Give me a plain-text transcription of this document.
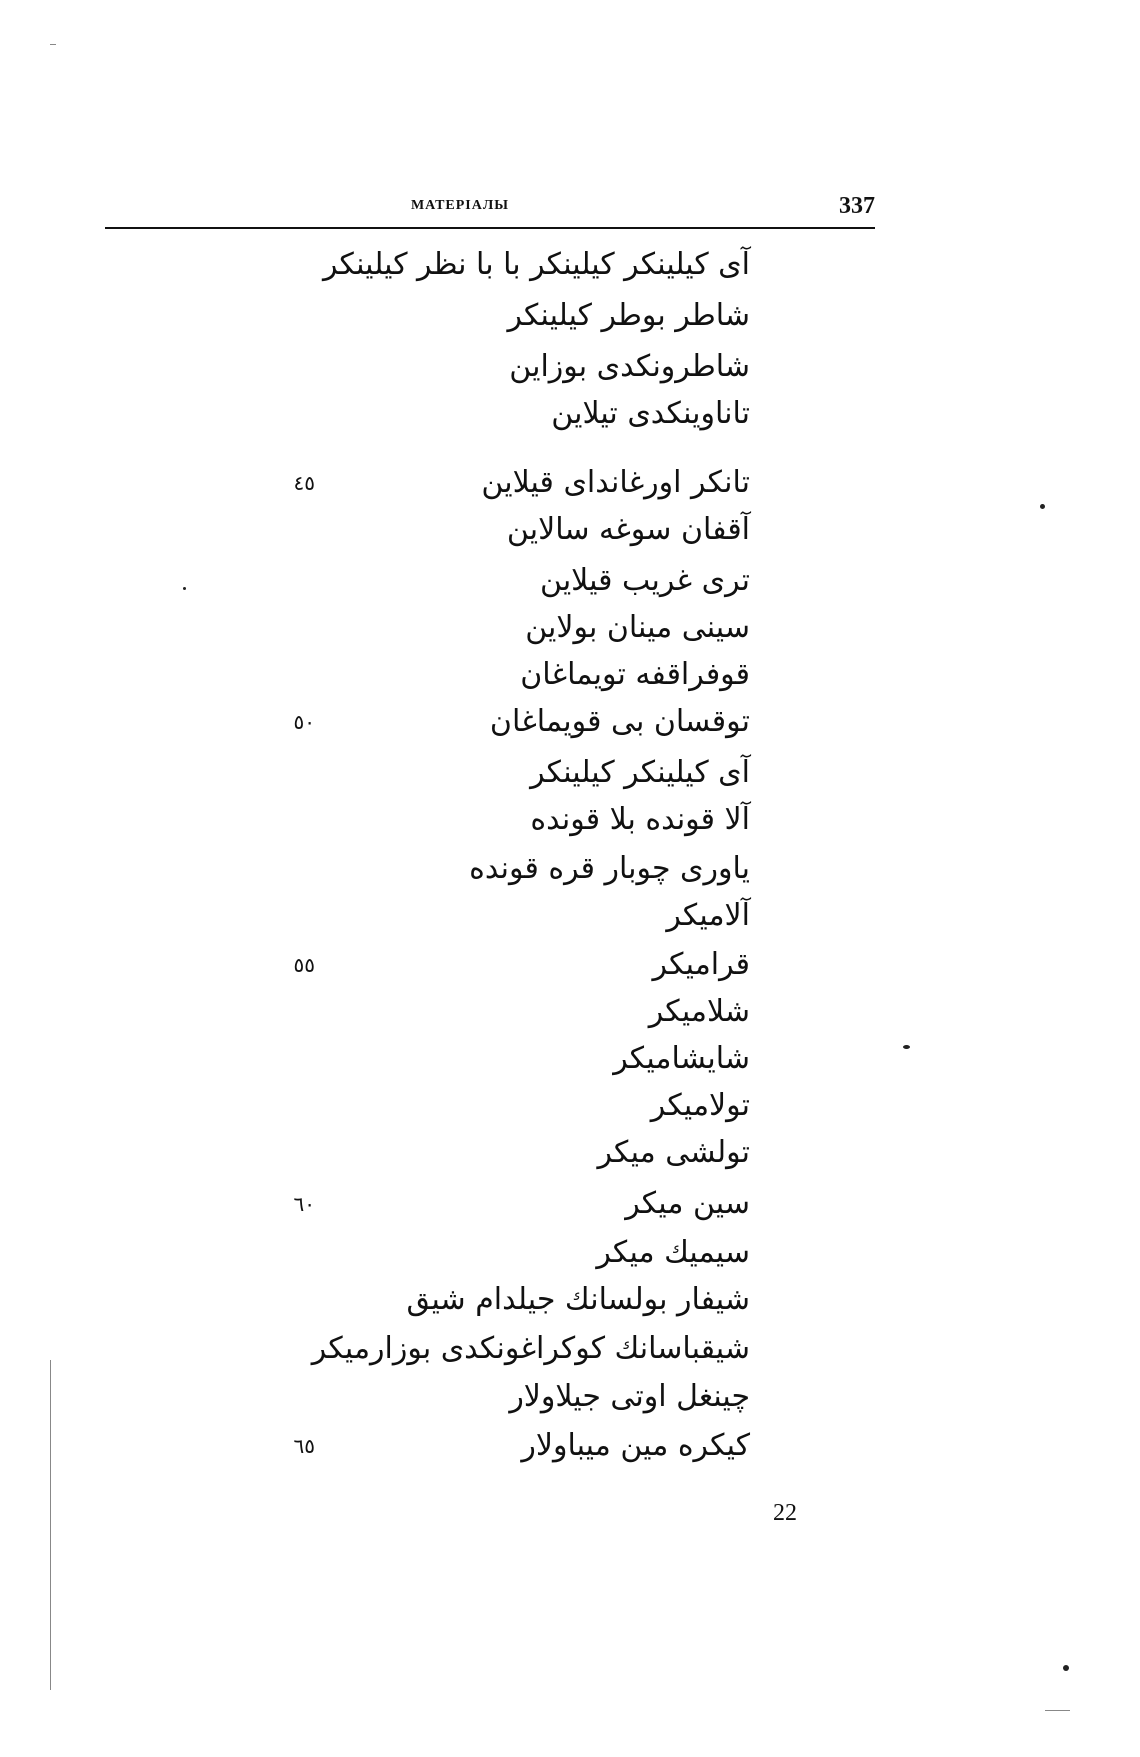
МАТЕРІАЛЫ	337
آی کیلینکر کیلینکر با با نظر کیلینکر
شاطر بوطر کیلینکر
شاطرونکدی بوزاین
تاناوینکدی تیلاین
تانکر اورغاندای قیلاین
٤٥
آقفان سوغه سالاین
تری غریب قیلاین
سینی مینان بولاین
قوفراقفه تویماغان
توقسان بی قویماغان
٥٠
آی کیلینکر کیلینکر
آلا قونده بلا قونده
یاوری چوبار قره قونده
آلامیکر
قرامیکر
٥٥
شلامیکر
شایشامیکر
تولامیکر
تولشی میکر
سین میکر
٦٠
سیمیك میکر
شیفار بولسانك جیلدام شیق
شیقباسانك کوکراغونکدی بوزارمیکر
چینغل اوتی جیلاولار
کیکره مین میباولار
٦٥
22
